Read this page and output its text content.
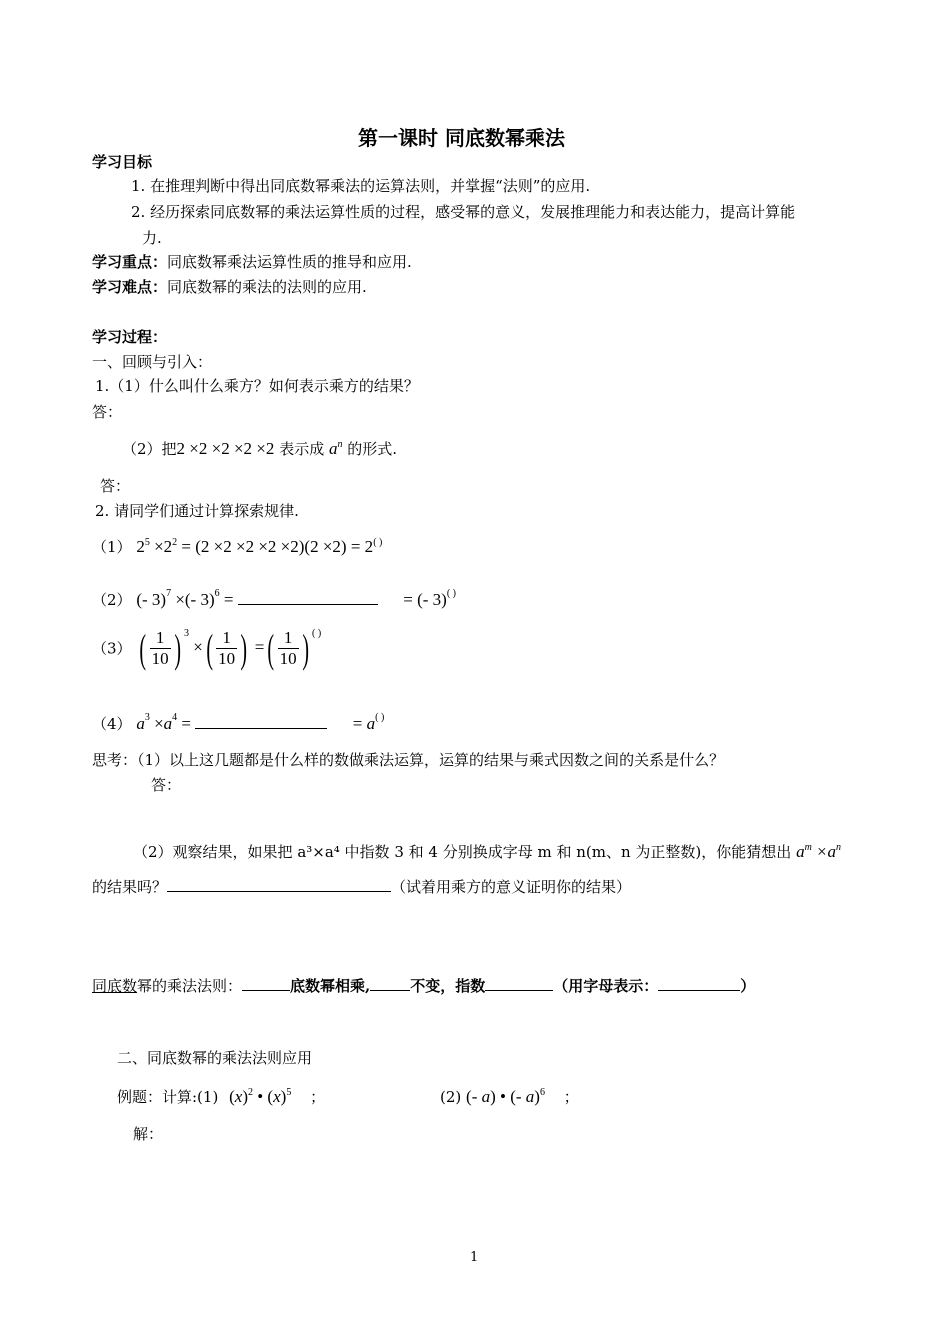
第一课时 同底数幂乘法
学习目标
1. 在推理判断中得出同底数幂乘法的运算法则，并掌握“法则”的应用.
2. 经历探索同底数幂的乘法运算性质的过程，感受幂的意义，发展推理能力和表达能力，提高计算能
力.
学习重点：同底数幂乘法运算性质的推导和应用.
学习难点：同底数幂的乘法的法则的应用.
学习过程：
一、回顾与引入：
1.（1）什么叫什么乘方？如何表示乘方的结果？
答：
（2）把2 ×2 ×2 ×2 ×2 表示成 $a^n$ 的形式.
答：
2. 请同学们通过计算探索规律.
（1） $2^5 \times 2^2 = (2 \times 2 \times 2 \times 2 \times 2)(2 \times 2) = 2^{( )}$
（2） (- 3)$^7$ ×(- 3)$^6$ =	= (- 3)( )
（3） ( $\frac{1}{10}$ ) $^3$ ×( $\frac{1}{10}$ ) =( $\frac{1}{10}$ ) ( )
（4） $a^3 \times a^4$ =	= a( )
思考：（1）以上这几题都是什么样的数做乘法运算，运算的结果与乘式因数之间的关系是什么？
答：
（2）观察结果，如果把 a³×a⁴ 中指数 3 和 4 分别换成字母 m 和 n(m、n 为正整数)，你能猜想出 $a^m \times a^n$
的结果吗？	（试着用乘方的意义证明你的结果）
同底数幂的乘法法则：	底数幂相乘,	不变，指数	（用字母表示：	）
二、同底数幂的乘法法则应用
例题：计算:(1) $(x)^2$ • $(x)^5$ ；	(2) (- a) • (- a)$^6$ ；
解：
1
